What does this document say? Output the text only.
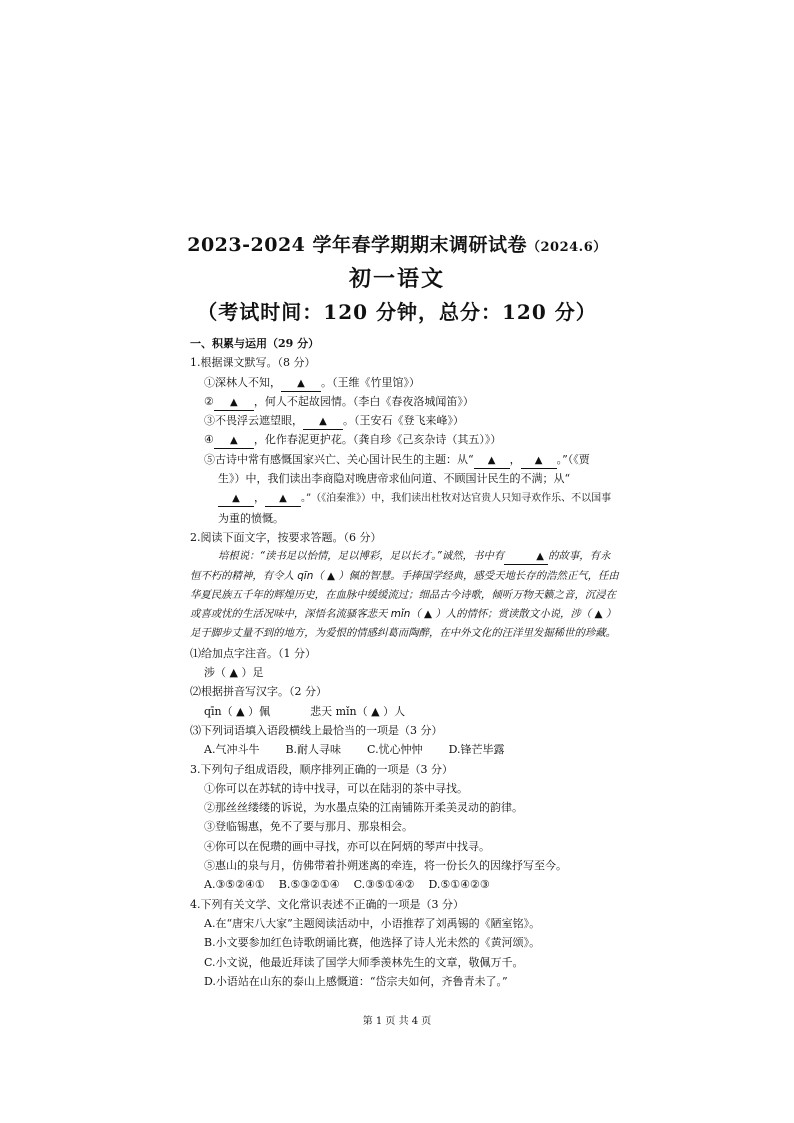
2023-2024 学年春学期期末调研试卷（2024.6）
初一语文
（考试时间：120 分钟，总分：120 分）
一、积累与运用（29 分）
1.根据课文默写。（8 分）
①深林人不知， ▲ 。（王维《竹里馆》）
② ▲ ，何人不起故园情。（李白《春夜洛城闻笛》）
③不畏浮云遮望眼， ▲ 。（王安石《登飞来峰》）
④ ▲ ，化作春泥更护花。（龚自珍《己亥杂诗（其五）》）
⑤古诗中常有感慨国家兴亡、关心国计民生的主题：从“ ▲ ， ▲ 。”（《贾
生》）中，我们读出李商隐对晚唐帝求仙问道、不顾国计民生的不满；从“
▲ ， ▲ 。”（《泊秦淮》）中，我们读出杜牧对达官贵人只知寻欢作乐、不以国事
为重的愤慨。
2.阅读下面文字，按要求答题。（6 分）
培根说：“读书足以怡情，足以博彩，足以长才。”诚然，书中有	▲ 的故事，有永恒不朽的精神，有令人 qīn（ ▲ ）佩的智慧。手捧国学经典，感受天地长存的浩然正气，任由华夏民族五千年的辉煌历史，在血脉中缓缓流过；细品古今诗歌，倾听万物天籁之音，沉浸在或喜或忧的生活况味中，深悟名流骚客悲天 mǐn（ ▲ ）人的情怀；赏读散文小说，涉（ ▲ ）足于脚步丈量不到的地方，为爱恨的情感纠葛而陶醉，在中外文化的汪洋里发掘稀世的珍藏。
⑴给加点字注音。（1 分）
涉（ ▲ ）足
⑵根据拼音写汉字。（2 分）
qīn（ ▲ ）佩	悲天 mǐn（ ▲ ）人
⑶下列词语填入语段横线上最恰当的一项是（3 分）
A.气冲斗牛 B.耐人寻味 C.忧心忡忡 D.锋芒毕露
3.下列句子组成语段，顺序排列正确的一项是（3 分）
①你可以在苏轼的诗中找寻，可以在陆羽的茶中寻找。
②那丝丝缕缕的诉说，为水墨点染的江南铺陈开柔美灵动的韵律。
③登临锡惠，免不了要与那月、那泉相会。
④你可以在倪瓒的画中寻找，亦可以在阿炳的琴声中找寻。
⑤惠山的泉与月，仿佛带着扑朔迷离的牵连，将一份长久的因缘抒写至今。
A.③⑤②④① B.⑤③②①④ C.③⑤①④② D.⑤①④②③
4.下列有关文学、文化常识表述不正确的一项是（3 分）
A.在“唐宋八大家”主题阅读活动中，小语推荐了刘禹锡的《陋室铭》。
B.小文要参加红色诗歌朗诵比赛，他选择了诗人光未然的《黄河颂》。
C.小文说，他最近拜读了国学大师季羡林先生的文章，敬佩万千。
D.小语站在山东的泰山上感慨道：“岱宗夫如何，齐鲁青未了。”
第 1 页 共 4 页
